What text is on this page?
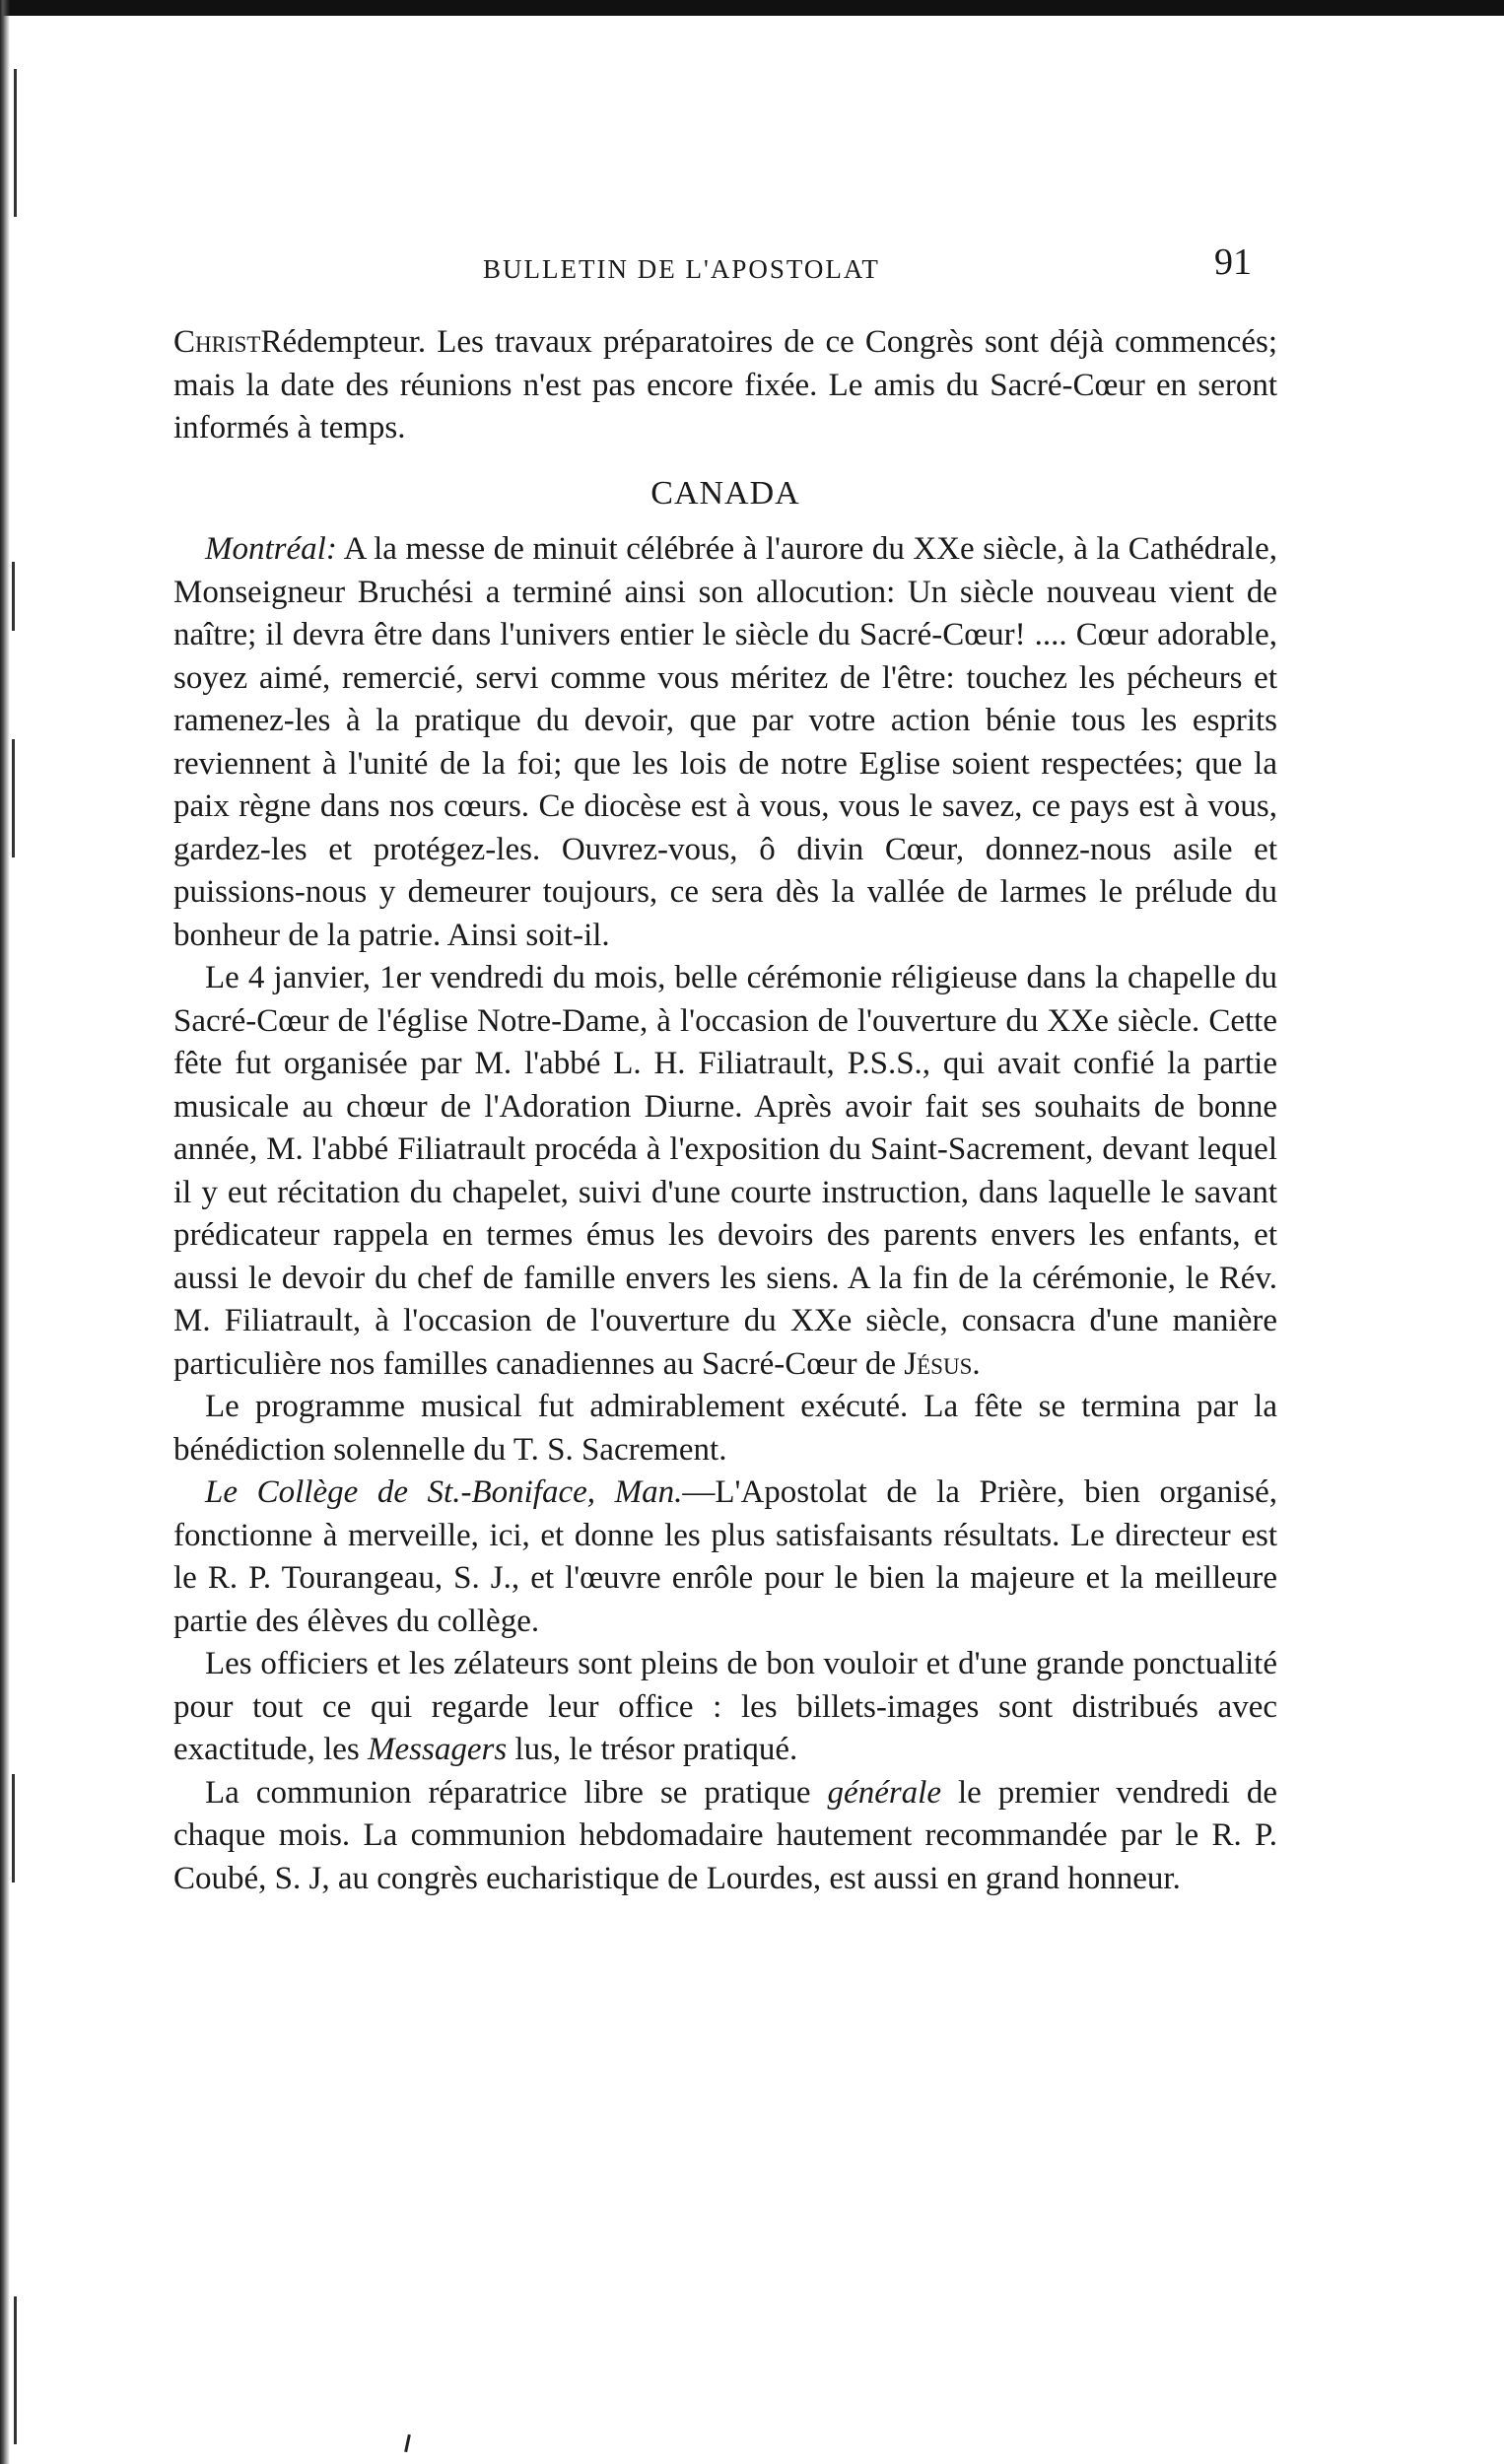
BULLETIN DE L'APOSTOLAT	91

ChristRédempteur. Les travaux préparatoires de ce Congrès sont déjà commencés; mais la date des réunions n'est pas encore fixée. Le amis du Sacré-Cœur en seront informés à temps.

CANADA

Montréal: A la messe de minuit célébrée à l'aurore du XXe siècle, à la Cathédrale, Monseigneur Bruchési a terminé ainsi son allocution: Un siècle nouveau vient de naître; il devra être dans l'univers entier le siècle du Sacré-Cœur! .... Cœur adorable, soyez aimé, remercié, servi comme vous méritez de l'être: touchez les pécheurs et ramenez-les à la pratique du devoir, que par votre action bénie tous les esprits reviennent à l'unité de la foi; que les lois de notre Eglise soient respectées; que la paix règne dans nos cœurs. Ce diocèse est à vous, vous le savez, ce pays est à vous, gardez-les et protégez-les. Ouvrez-vous, ô divin Cœur, donnez-nous asile et puissions-nous y demeurer toujours, ce sera dès la vallée de larmes le prélude du bonheur de la patrie. Ainsi soit-il.

Le 4 janvier, 1er vendredi du mois, belle cérémonie réligieuse dans la chapelle du Sacré-Cœur de l'église Notre-Dame, à l'occasion de l'ouverture du XXe siècle. Cette fête fut organisée par M. l'abbé L. H. Filiatrault, P.S.S., qui avait confié la partie musicale au chœur de l'Adoration Diurne. Après avoir fait ses souhaits de bonne année, M. l'abbé Filiatrault procéda à l'exposition du Saint-Sacrement, devant lequel il y eut récitation du chapelet, suivi d'une courte instruction, dans laquelle le savant prédicateur rappela en termes émus les devoirs des parents envers les enfants, et aussi le devoir du chef de famille envers les siens. A la fin de la cérémonie, le Rév. M. Filiatrault, à l'occasion de l'ouverture du XXe siècle, consacra d'une manière particulière nos familles canadiennes au Sacré-Cœur de Jésus.

Le programme musical fut admirablement exécuté. La fête se termina par la bénédiction solennelle du T. S. Sacrement.

Le Collège de St.-Boniface, Man.—L'Apostolat de la Prière, bien organisé, fonctionne à merveille, ici, et donne les plus satisfaisants résultats. Le directeur est le R. P. Tourangeau, S. J., et l'œuvre enrôle pour le bien la majeure et la meilleure partie des élèves du collège.

Les officiers et les zélateurs sont pleins de bon vouloir et d'une grande ponctualité pour tout ce qui regarde leur office : les billets-images sont distribués avec exactitude, les Messagers lus, le trésor pratiqué.

La communion réparatrice libre se pratique générale le premier vendredi de chaque mois. La communion hebdomadaire hautement recommandée par le R. P. Coubé, S. J, au congrès eucharistique de Lourdes, est aussi en grand honneur.
